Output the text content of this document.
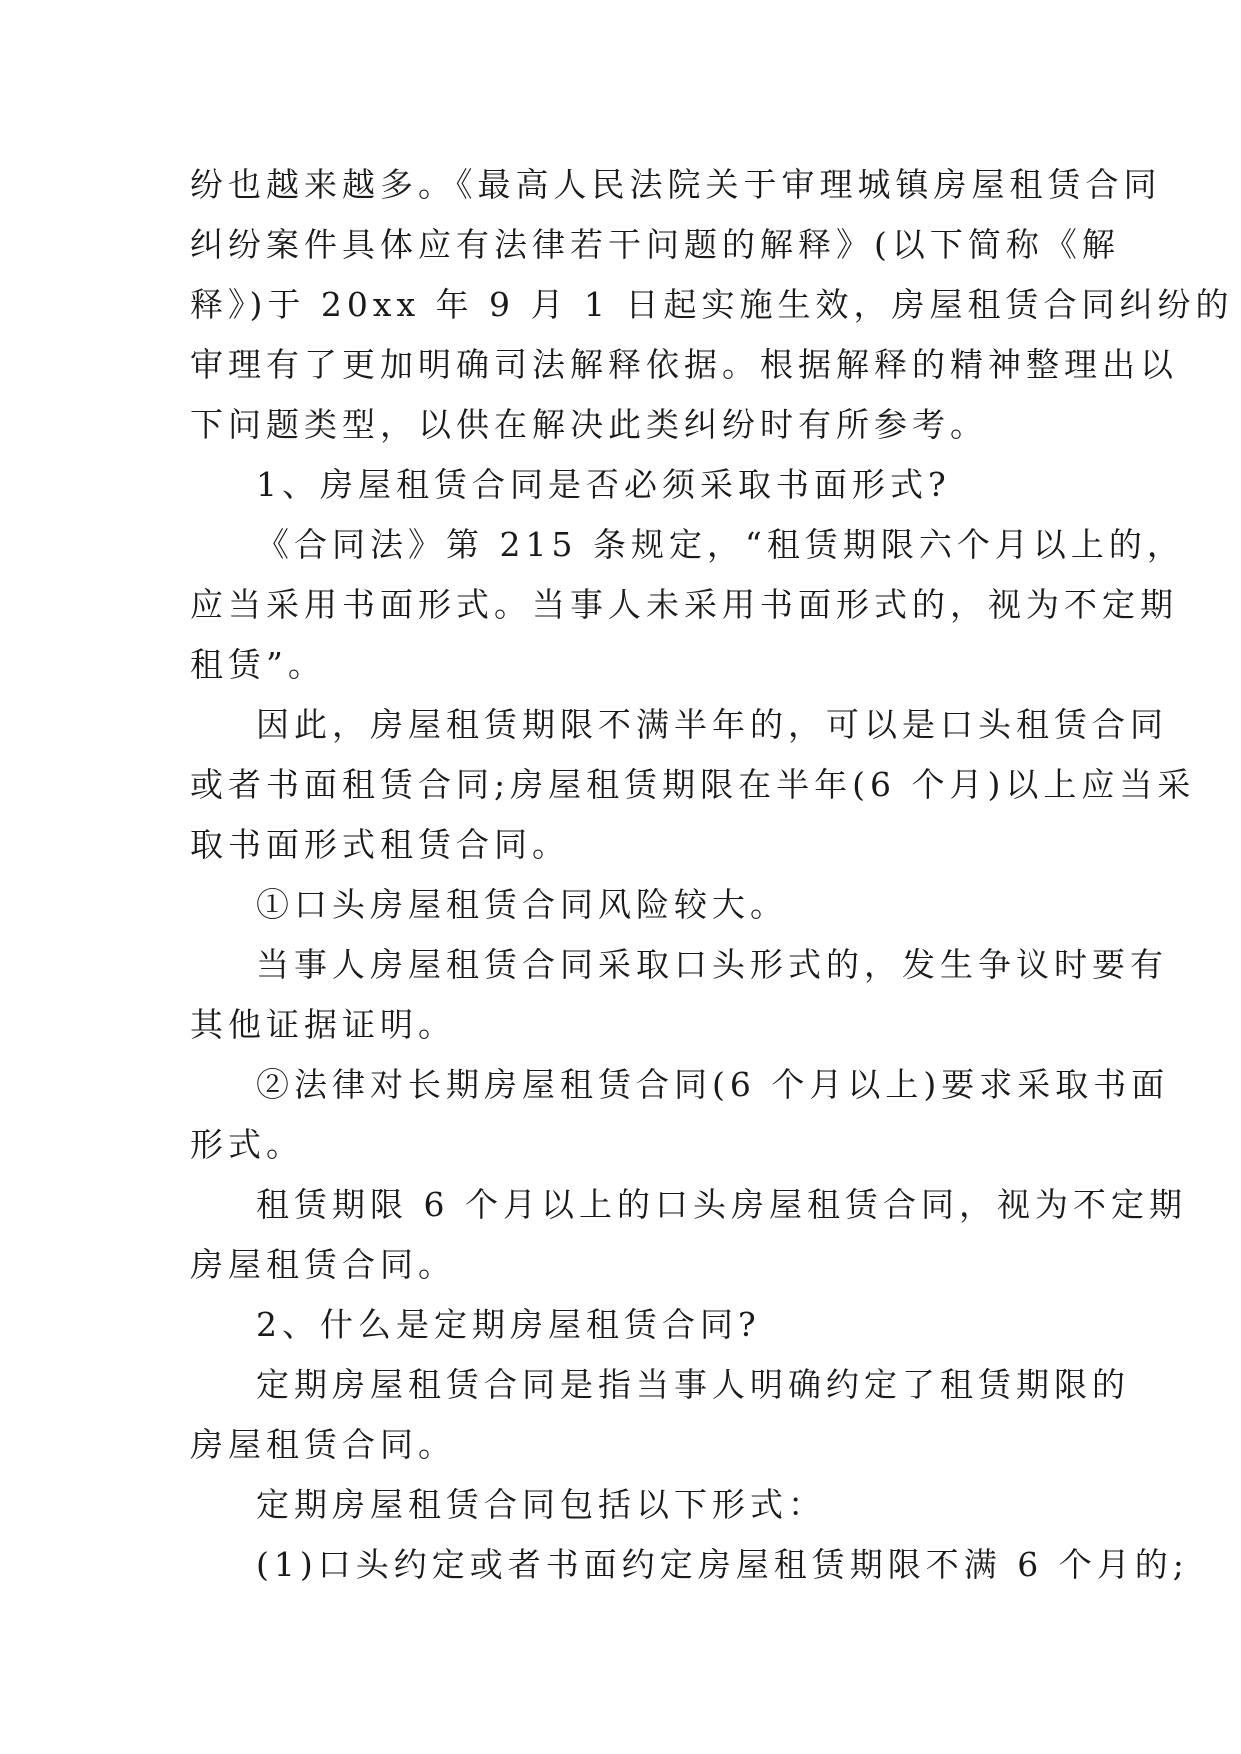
纷也越来越多。《最高人民法院关于审理城镇房屋租赁合同
纠纷案件具体应有法律若干问题的解释》(以下简称《解
释》)于 20xx 年 9 月 1 日起实施生效，房屋租赁合同纠纷的
审理有了更加明确司法解释依据。根据解释的精神整理出以
下问题类型，以供在解决此类纠纷时有所参考。
1、房屋租赁合同是否必须采取书面形式?
《合同法》第 215 条规定，“租赁期限六个月以上的，
应当采用书面形式。当事人未采用书面形式的，视为不定期
租赁”。
因此，房屋租赁期限不满半年的，可以是口头租赁合同
或者书面租赁合同;房屋租赁期限在半年(6 个月)以上应当采
取书面形式租赁合同。
①口头房屋租赁合同风险较大。
当事人房屋租赁合同采取口头形式的，发生争议时要有
其他证据证明。
②法律对长期房屋租赁合同(6 个月以上)要求采取书面
形式。
租赁期限 6 个月以上的口头房屋租赁合同，视为不定期
房屋租赁合同。
2、什么是定期房屋租赁合同?
定期房屋租赁合同是指当事人明确约定了租赁期限的
房屋租赁合同。
定期房屋租赁合同包括以下形式：
(1)口头约定或者书面约定房屋租赁期限不满 6 个月的;
